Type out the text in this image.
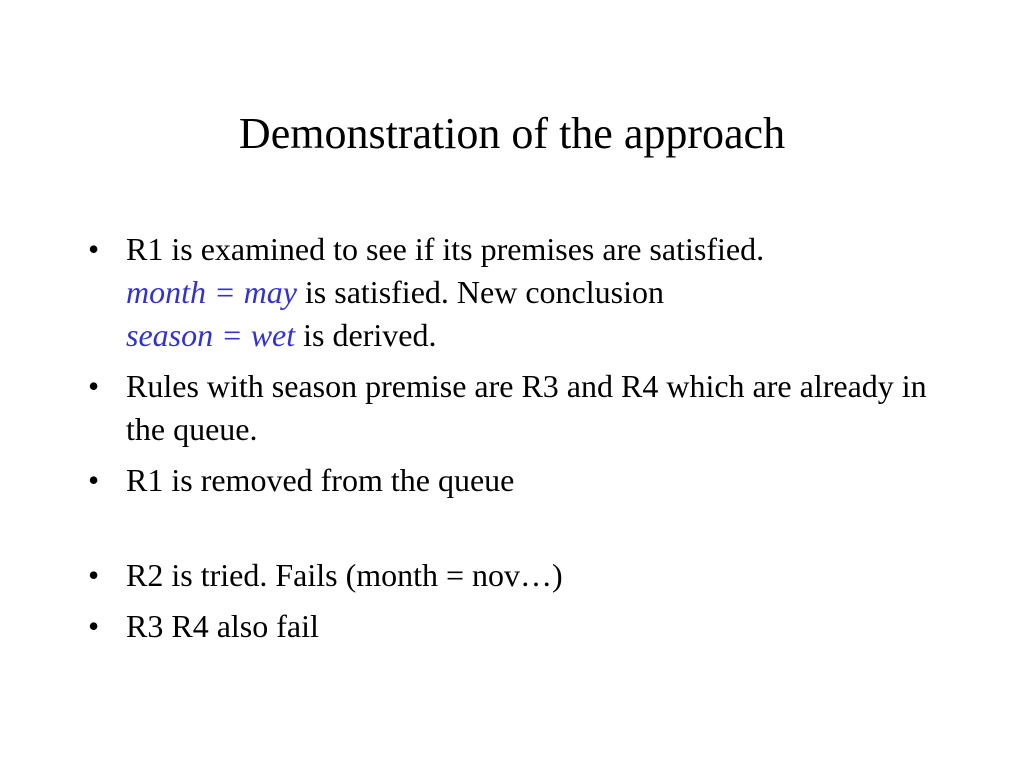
Demonstration of the approach
• R1 is examined to see if its premises are satisfied.
month = may is satisfied. New conclusion
season = wet is derived.
• Rules with season premise are R3 and R4 which are already in the queue.
• R1 is removed from the queue
• R2 is tried. Fails (month = nov…)
• R3 R4 also fail
